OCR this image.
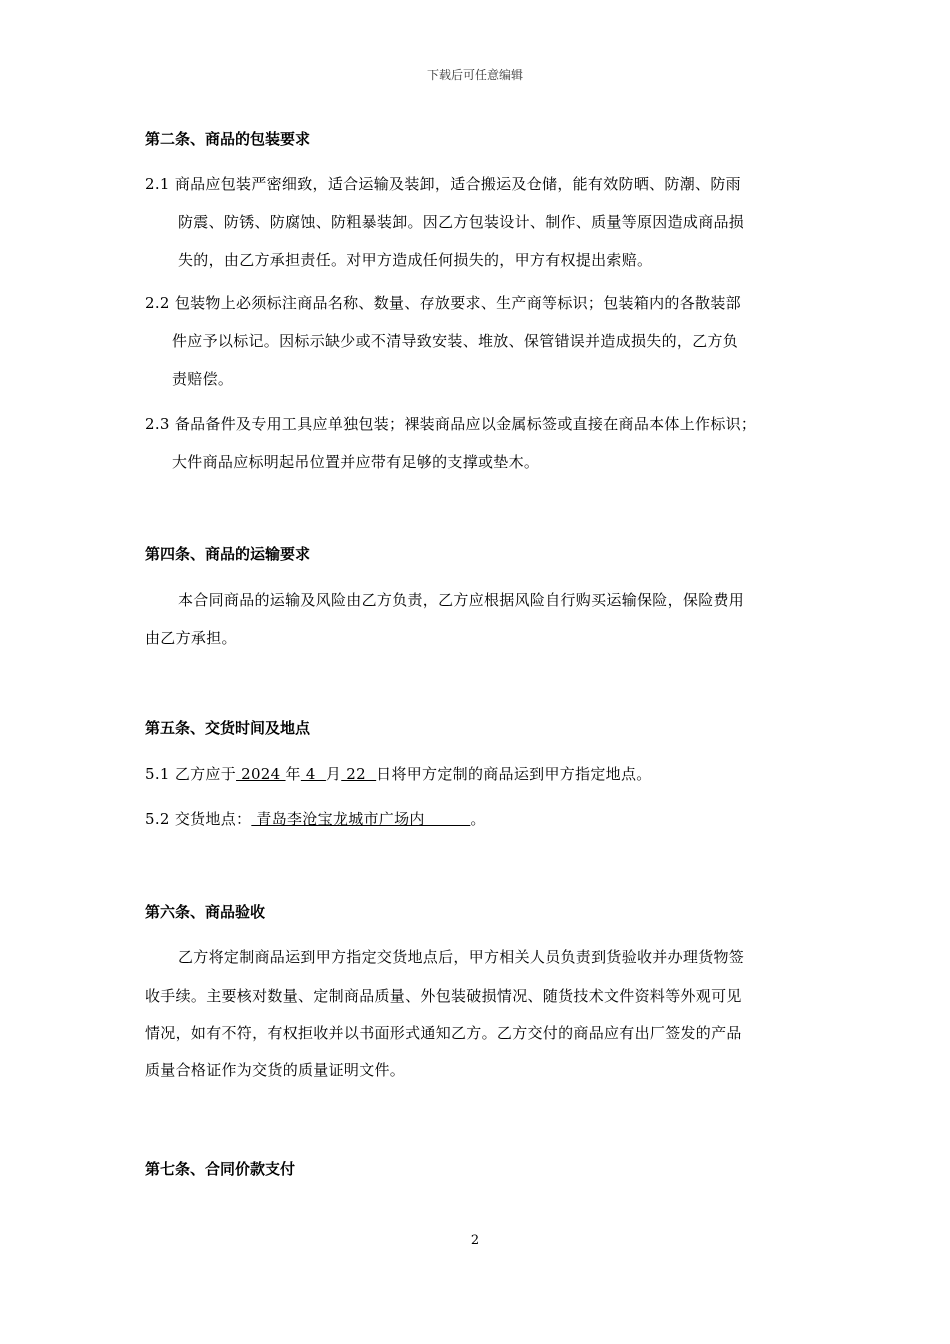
下载后可任意编辑
第二条、商品的包装要求
2.1 商品应包装严密细致，适合运输及装卸，适合搬运及仓储，能有效防晒、防潮、防雨
防震、防锈、防腐蚀、防粗暴装卸。因乙方包装设计、制作、质量等原因造成商品损
失的，由乙方承担责任。对甲方造成任何损失的，甲方有权提出索赔。
2.2 包装物上必须标注商品名称、数量、存放要求、生产商等标识；包装箱内的各散装部
件应予以标记。因标示缺少或不清导致安装、堆放、保管错误并造成损失的，乙方负
责赔偿。
2.3 备品备件及专用工具应单独包装；裸装商品应以金属标签或直接在商品本体上作标识；
大件商品应标明起吊位置并应带有足够的支撑或垫木。
第四条、商品的运输要求
本合同商品的运输及风险由乙方负责，乙方应根据风险自行购买运输保险，保险费用
由乙方承担。
第五条、交货时间及地点
5.1 乙方应于 2024 年 4  月 22  日将甲方定制的商品运到甲方指定地点。
5.2 交货地点： 青岛李沧宝龙城市广场内         。
第六条、商品验收
乙方将定制商品运到甲方指定交货地点后，甲方相关人员负责到货验收并办理货物签
收手续。主要核对数量、定制商品质量、外包装破损情况、随货技术文件资料等外观可见
情况，如有不符，有权拒收并以书面形式通知乙方。乙方交付的商品应有出厂签发的产品
质量合格证作为交货的质量证明文件。
第七条、合同价款支付
2
